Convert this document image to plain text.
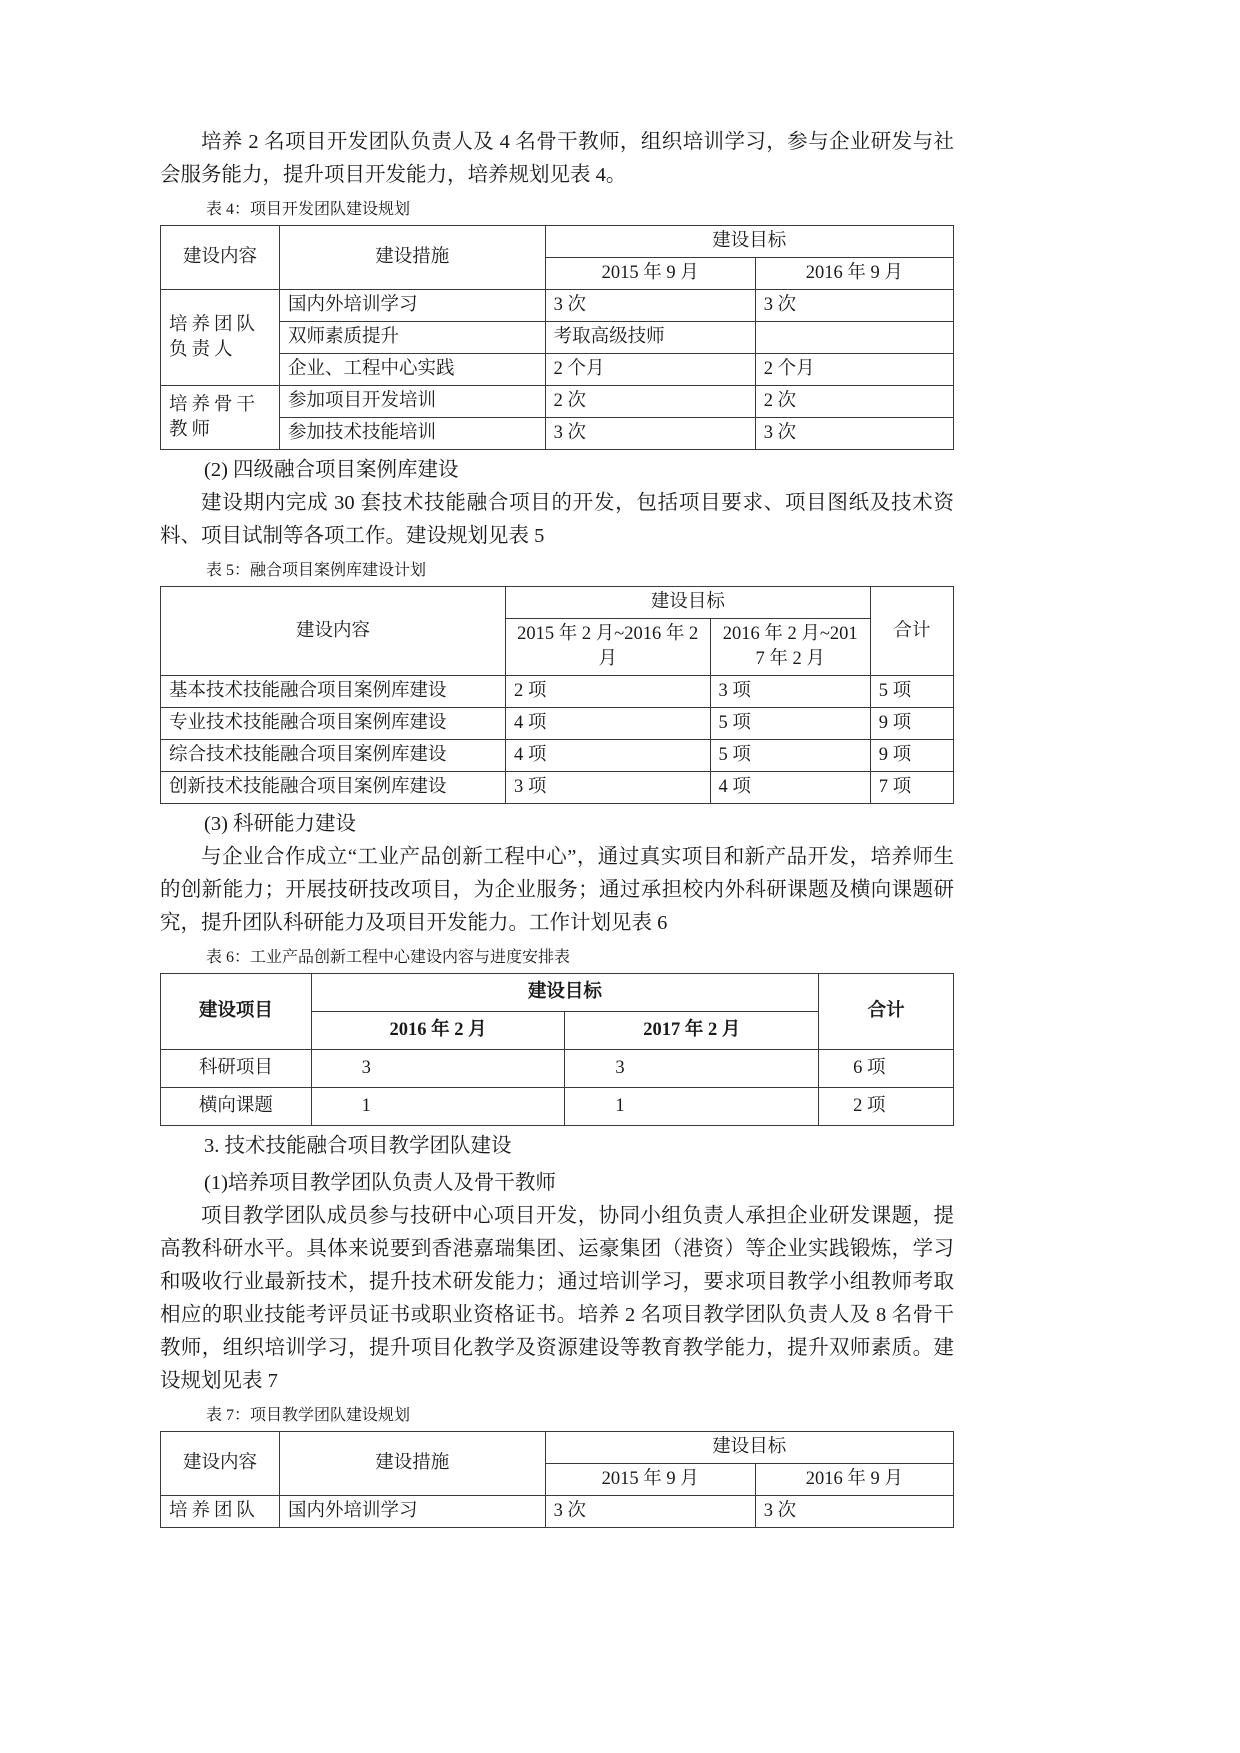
培养 2 名项目开发团队负责人及 4 名骨干教师，组织培训学习，参与企业研发与社会服务能力，提升项目开发能力，培养规划见表 4。

表 4：项目开发团队建设规划
建设内容	建设措施	建设目标	
		2015 年 9 月	2016 年 9 月
培养团队负责人	国内外培训学习	3 次	3 次
	双师素质提升	考取高级技师	
	企业、工程中心实践	2 个月	2 个月
培养骨干教师	参加项目开发培训	2 次	2 次
	参加技术技能培训	3 次	3 次
(2) 四级融合项目案例库建设

建设期内完成 30 套技术技能融合项目的开发，包括项目要求、项目图纸及技术资料、项目试制等各项工作。建设规划见表 5

表 5：融合项目案例库建设计划
建设内容	建设目标		合计
	2015 年 2 月~2016 年 2 月	2016 年 2 月~2017 年 2 月	
基本技术技能融合项目案例库建设	2 项	3 项	5 项
专业技术技能融合项目案例库建设	4 项	5 项	9 项
综合技术技能融合项目案例库建设	4 项	5 项	9 项
创新技术技能融合项目案例库建设	3 项	4 项	7 项
(3) 科研能力建设

与企业合作成立“工业产品创新工程中心”，通过真实项目和新产品开发，培养师生的创新能力；开展技研技改项目，为企业服务；通过承担校内外科研课题及横向课题研究，提升团队科研能力及项目开发能力。工作计划见表 6

表 6：工业产品创新工程中心建设内容与进度安排表
建设项目	建设目标		合计
	2016 年 2 月	2017 年 2 月	
科研项目	3	3	6 项
横向课题	1	1	2 项
3. 技术技能融合项目教学团队建设
(1)培养项目教学团队负责人及骨干教师

项目教学团队成员参与技研中心项目开发，协同小组负责人承担企业研发课题，提高教科研水平。具体来说要到香港嘉瑞集团、运豪集团（港资）等企业实践锻炼，学习和吸收行业最新技术，提升技术研发能力；通过培训学习，要求项目教学小组教师考取相应的职业技能考评员证书或职业资格证书。培养 2 名项目教学团队负责人及 8 名骨干教师，组织培训学习，提升项目化教学及资源建设等教育教学能力，提升双师素质。建设规划见表 7

表 7：项目教学团队建设规划
建设内容	建设措施	建设目标	
		2015 年 9 月	2016 年 9 月
培养团队	国内外培训学习	3 次	3 次
